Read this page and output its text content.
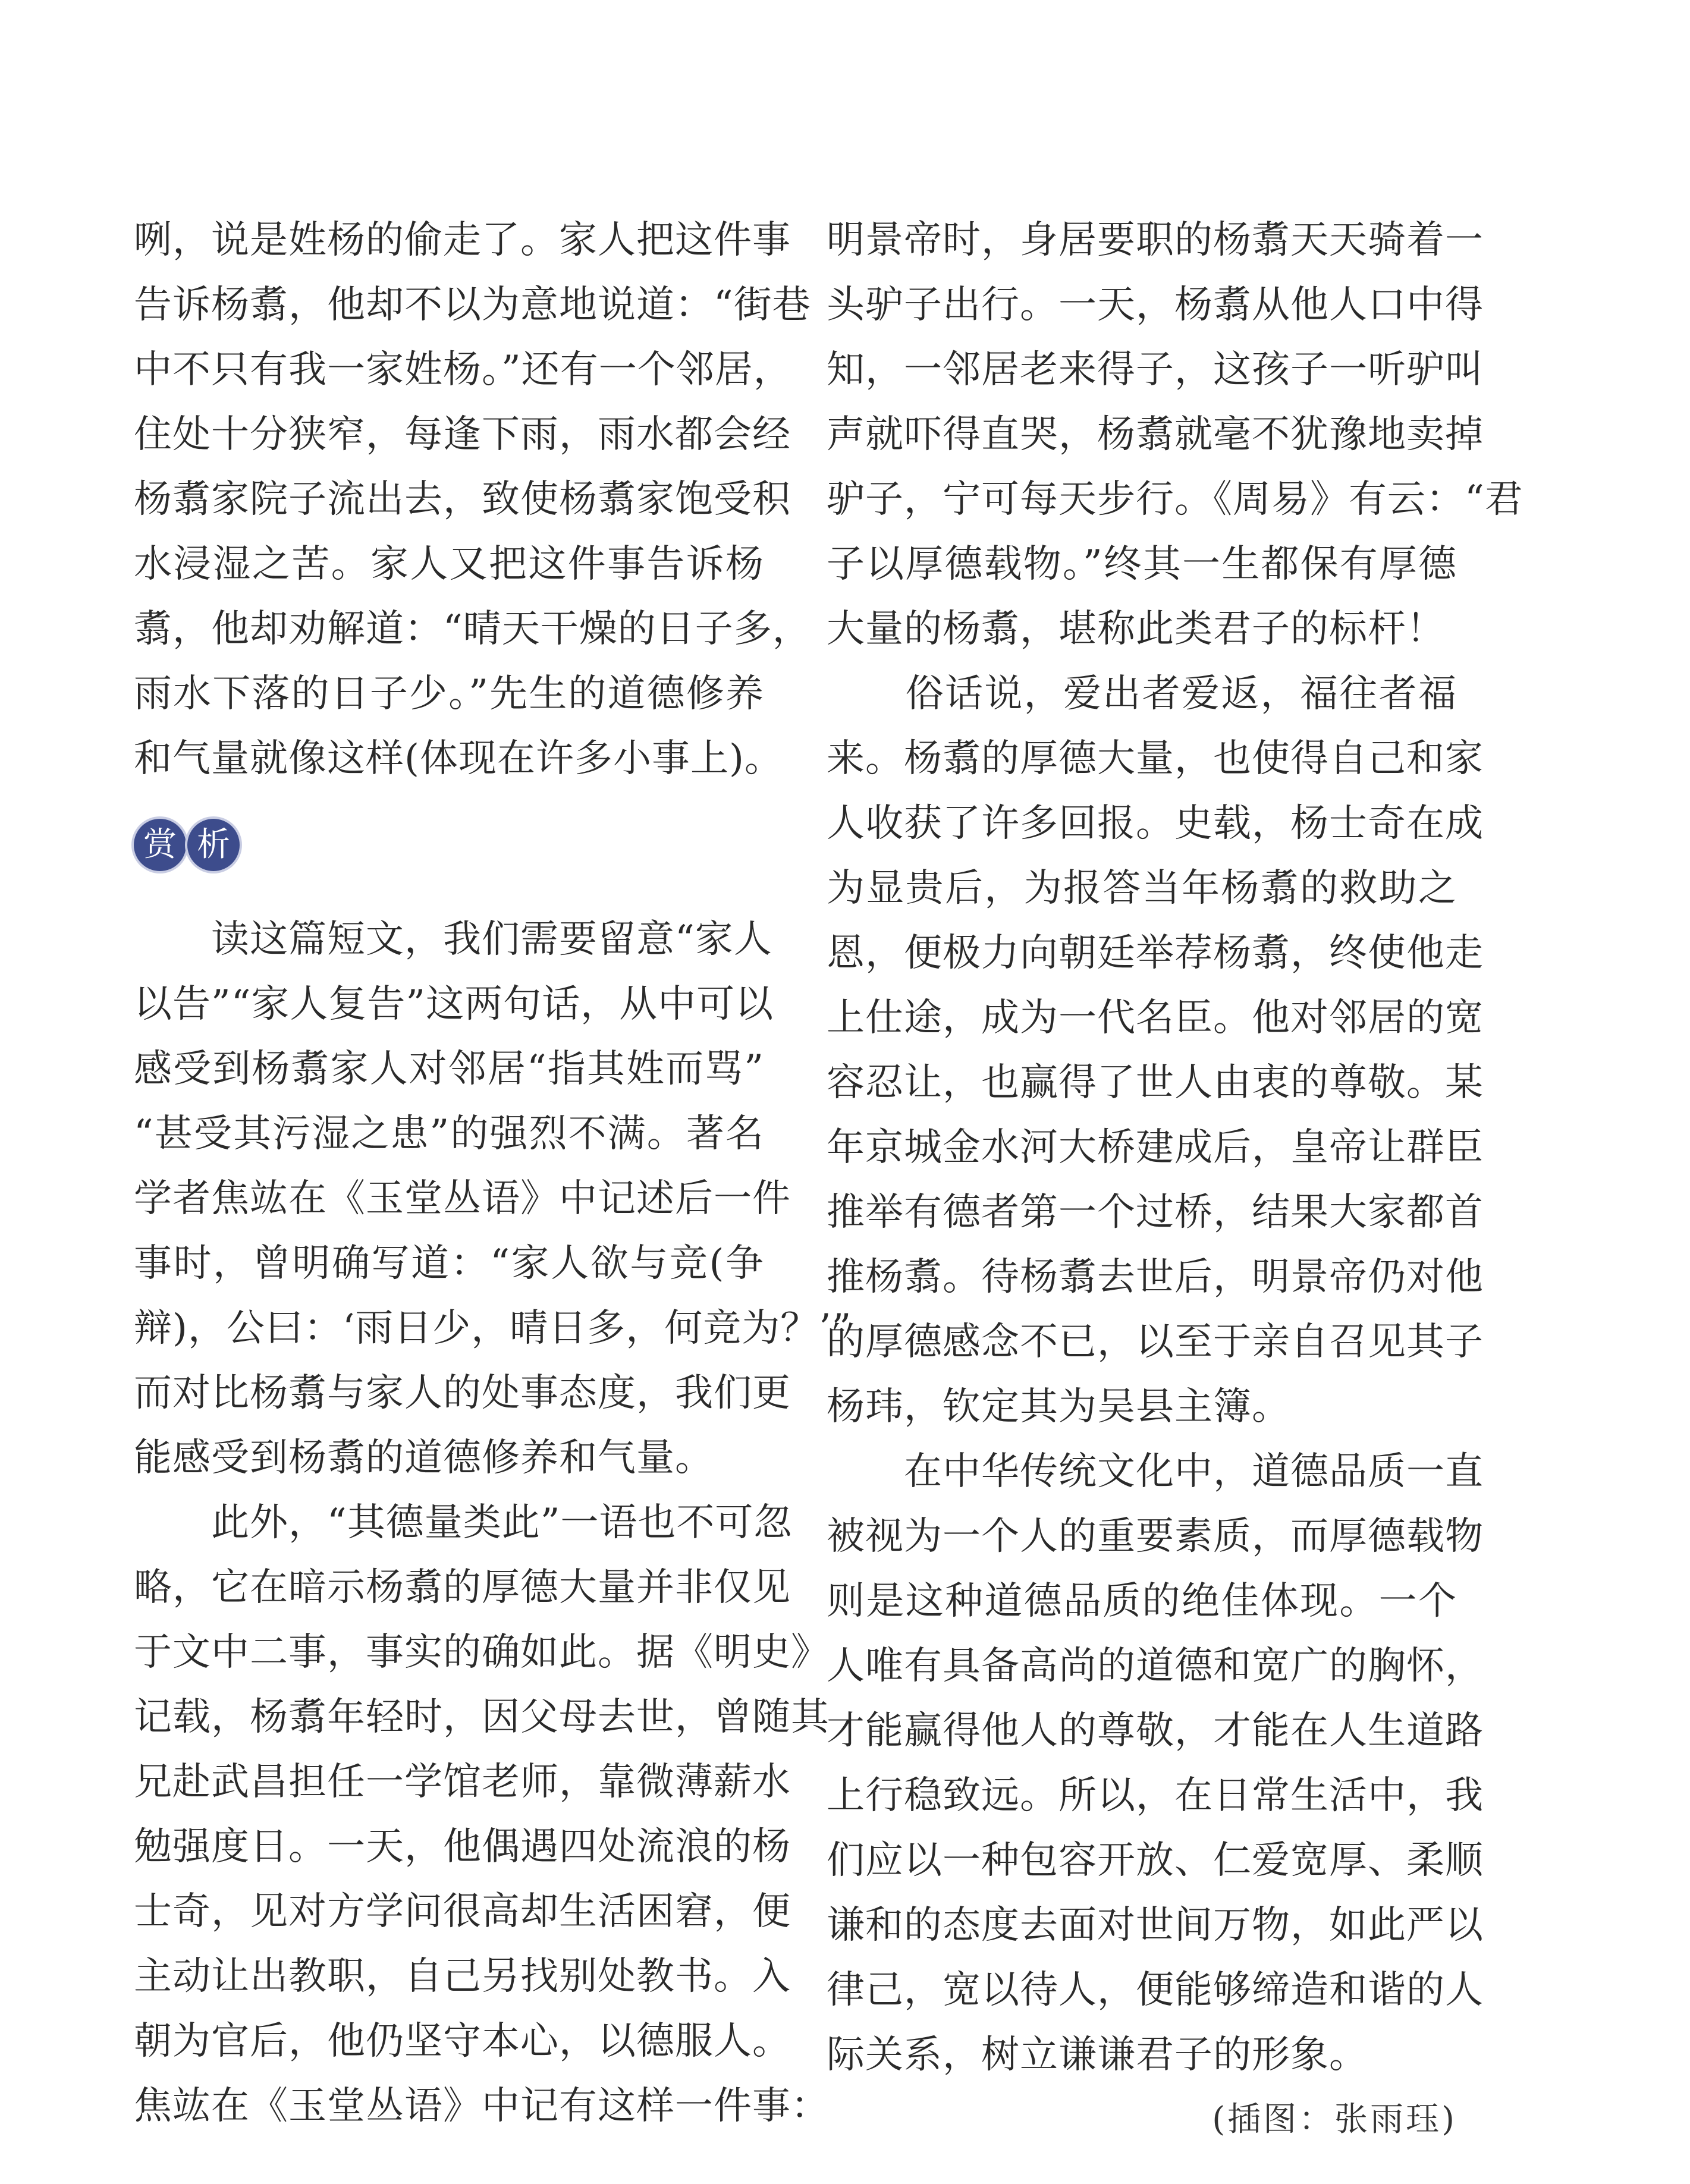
咧，说是姓杨的偷走了。家人把这件事

告诉杨翥，他却不以为意地说道：“街巷

中不只有我一家姓杨。”还有一个邻居，

住处十分狭窄，每逢下雨，雨水都会经

杨翥家院子流出去，致使杨翥家饱受积

水浸湿之苦。家人又把这件事告诉杨

翥，他却劝解道：“晴天干燥的日子多，

雨水下落的日子少。”先生的道德修养

和气量就像这样(体现在许多小事上)。

赏 析

　　读这篇短文，我们需要留意“家人

以告”“家人复告”这两句话，从中可以

感受到杨翥家人对邻居“指其姓而骂”

“甚受其污湿之患”的强烈不满。著名

学者焦竑在《玉堂丛语》中记述后一件

事时，曾明确写道：“家人欲与竞(争

辩)，公曰：‘雨日少，晴日多，何竞为？’”

而对比杨翥与家人的处事态度，我们更

能感受到杨翥的道德修养和气量。

　　此外，“其德量类此”一语也不可忽

略，它在暗示杨翥的厚德大量并非仅见

于文中二事，事实的确如此。据《明史》

记载，杨翥年轻时，因父母去世，曾随其

兄赴武昌担任一学馆老师，靠微薄薪水

勉强度日。一天，他偶遇四处流浪的杨

士奇，见对方学问很高却生活困窘，便

主动让出教职，自己另找别处教书。入

朝为官后，他仍坚守本心，以德服人。

焦竑在《玉堂丛语》中记有这样一件事：

明景帝时，身居要职的杨翥天天骑着一

头驴子出行。一天，杨翥从他人口中得

知，一邻居老来得子，这孩子一听驴叫

声就吓得直哭，杨翥就毫不犹豫地卖掉

驴子，宁可每天步行。《周易》有云：“君

子以厚德载物。”终其一生都保有厚德

大量的杨翥，堪称此类君子的标杆！

　　俗话说，爱出者爱返，福往者福

来。杨翥的厚德大量，也使得自己和家

人收获了许多回报。史载，杨士奇在成

为显贵后，为报答当年杨翥的救助之

恩，便极力向朝廷举荐杨翥，终使他走

上仕途，成为一代名臣。他对邻居的宽

容忍让，也赢得了世人由衷的尊敬。某

年京城金水河大桥建成后，皇帝让群臣

推举有德者第一个过桥，结果大家都首

推杨翥。待杨翥去世后，明景帝仍对他

的厚德感念不已，以至于亲自召见其子

杨玮，钦定其为吴县主簿。

　　在中华传统文化中，道德品质一直

被视为一个人的重要素质，而厚德载物

则是这种道德品质的绝佳体现。一个

人唯有具备高尚的道德和宽广的胸怀，

才能赢得他人的尊敬，才能在人生道路

上行稳致远。所以，在日常生活中，我

们应以一种包容开放、仁爱宽厚、柔顺

谦和的态度去面对世间万物，如此严以

律己，宽以待人，便能够缔造和谐的人

际关系，树立谦谦君子的形象。

(插图：张雨珏)
